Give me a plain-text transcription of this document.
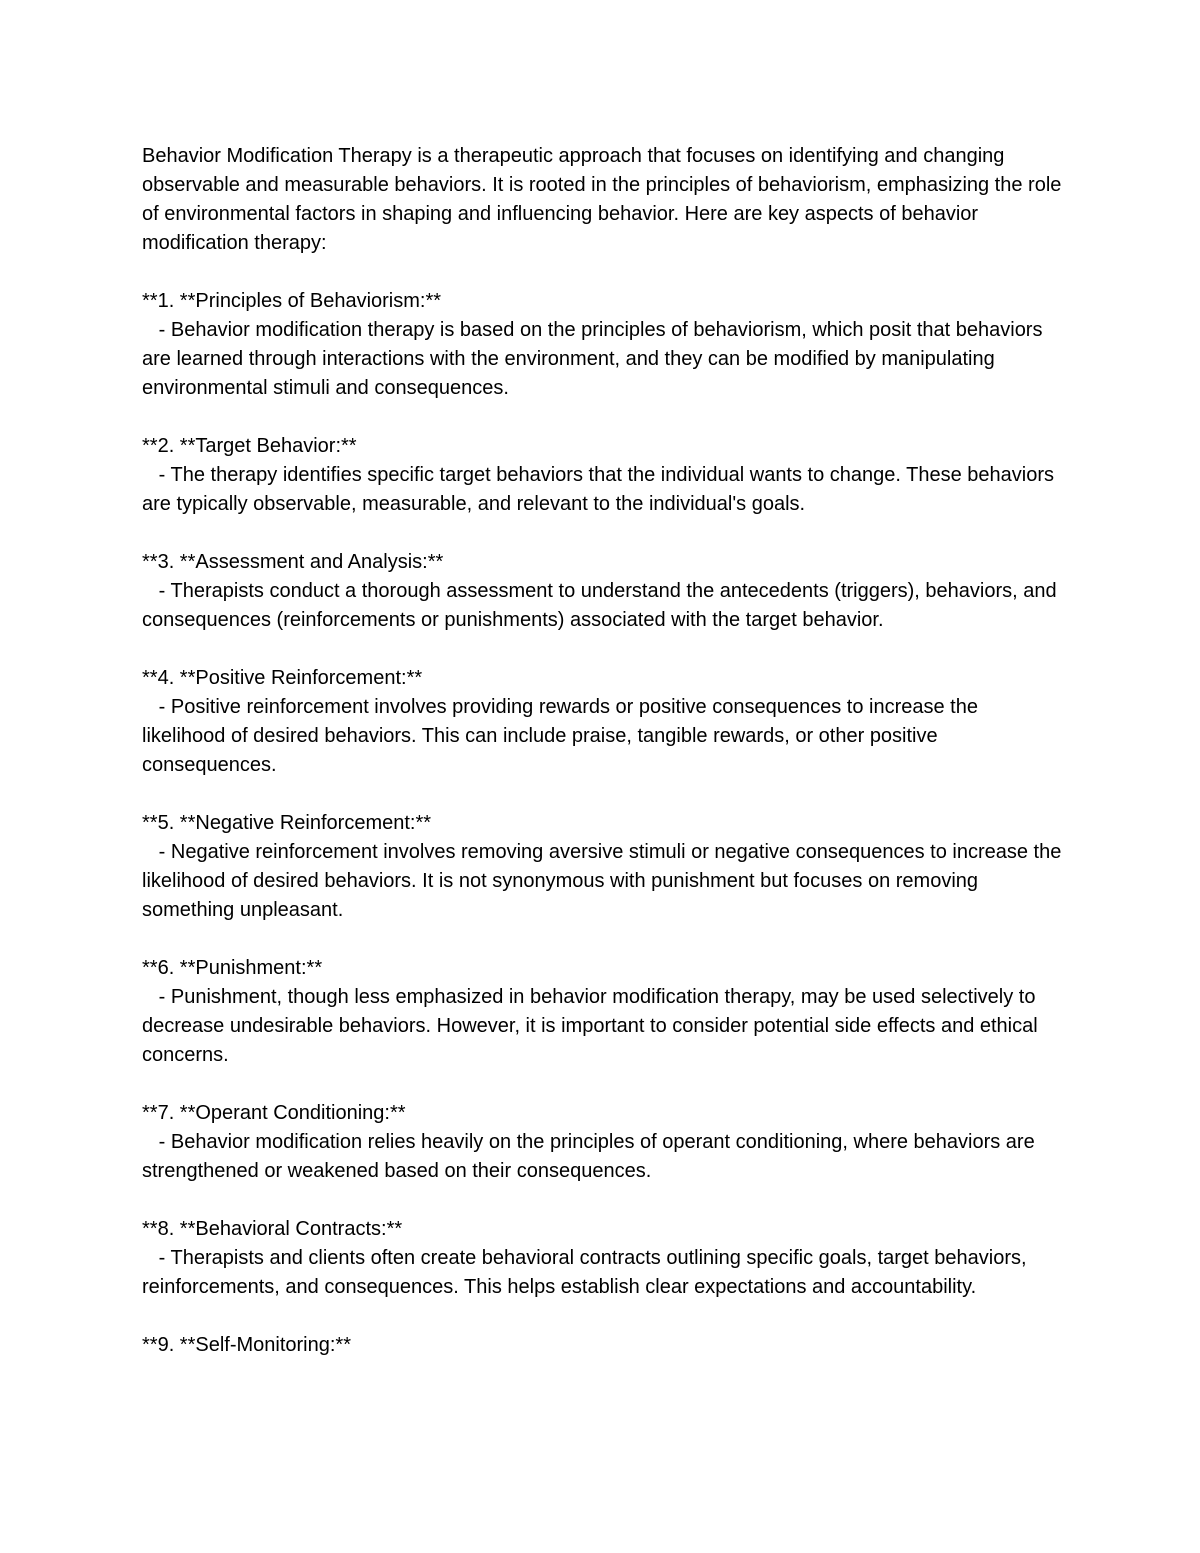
Behavior Modification Therapy is a therapeutic approach that focuses on identifying and changing observable and measurable behaviors. It is rooted in the principles of behaviorism, emphasizing the role of environmental factors in shaping and influencing behavior. Here are key aspects of behavior modification therapy:

**1. **Principles of Behaviorism:**

- Behavior modification therapy is based on the principles of behaviorism, which posit that behaviors are learned through interactions with the environment, and they can be modified by manipulating environmental stimuli and consequences.

**2. **Target Behavior:**

- The therapy identifies specific target behaviors that the individual wants to change. These behaviors are typically observable, measurable, and relevant to the individual's goals.

**3. **Assessment and Analysis:**

- Therapists conduct a thorough assessment to understand the antecedents (triggers), behaviors, and consequences (reinforcements or punishments) associated with the target behavior.

**4. **Positive Reinforcement:**

- Positive reinforcement involves providing rewards or positive consequences to increase the likelihood of desired behaviors. This can include praise, tangible rewards, or other positive consequences.

**5. **Negative Reinforcement:**

- Negative reinforcement involves removing aversive stimuli or negative consequences to increase the likelihood of desired behaviors. It is not synonymous with punishment but focuses on removing something unpleasant.

**6. **Punishment:**

- Punishment, though less emphasized in behavior modification therapy, may be used selectively to decrease undesirable behaviors. However, it is important to consider potential side effects and ethical concerns.

**7. **Operant Conditioning:**

- Behavior modification relies heavily on the principles of operant conditioning, where behaviors are strengthened or weakened based on their consequences.

**8. **Behavioral Contracts:**

- Therapists and clients often create behavioral contracts outlining specific goals, target behaviors, reinforcements, and consequences. This helps establish clear expectations and accountability.

**9. **Self-Monitoring:**
